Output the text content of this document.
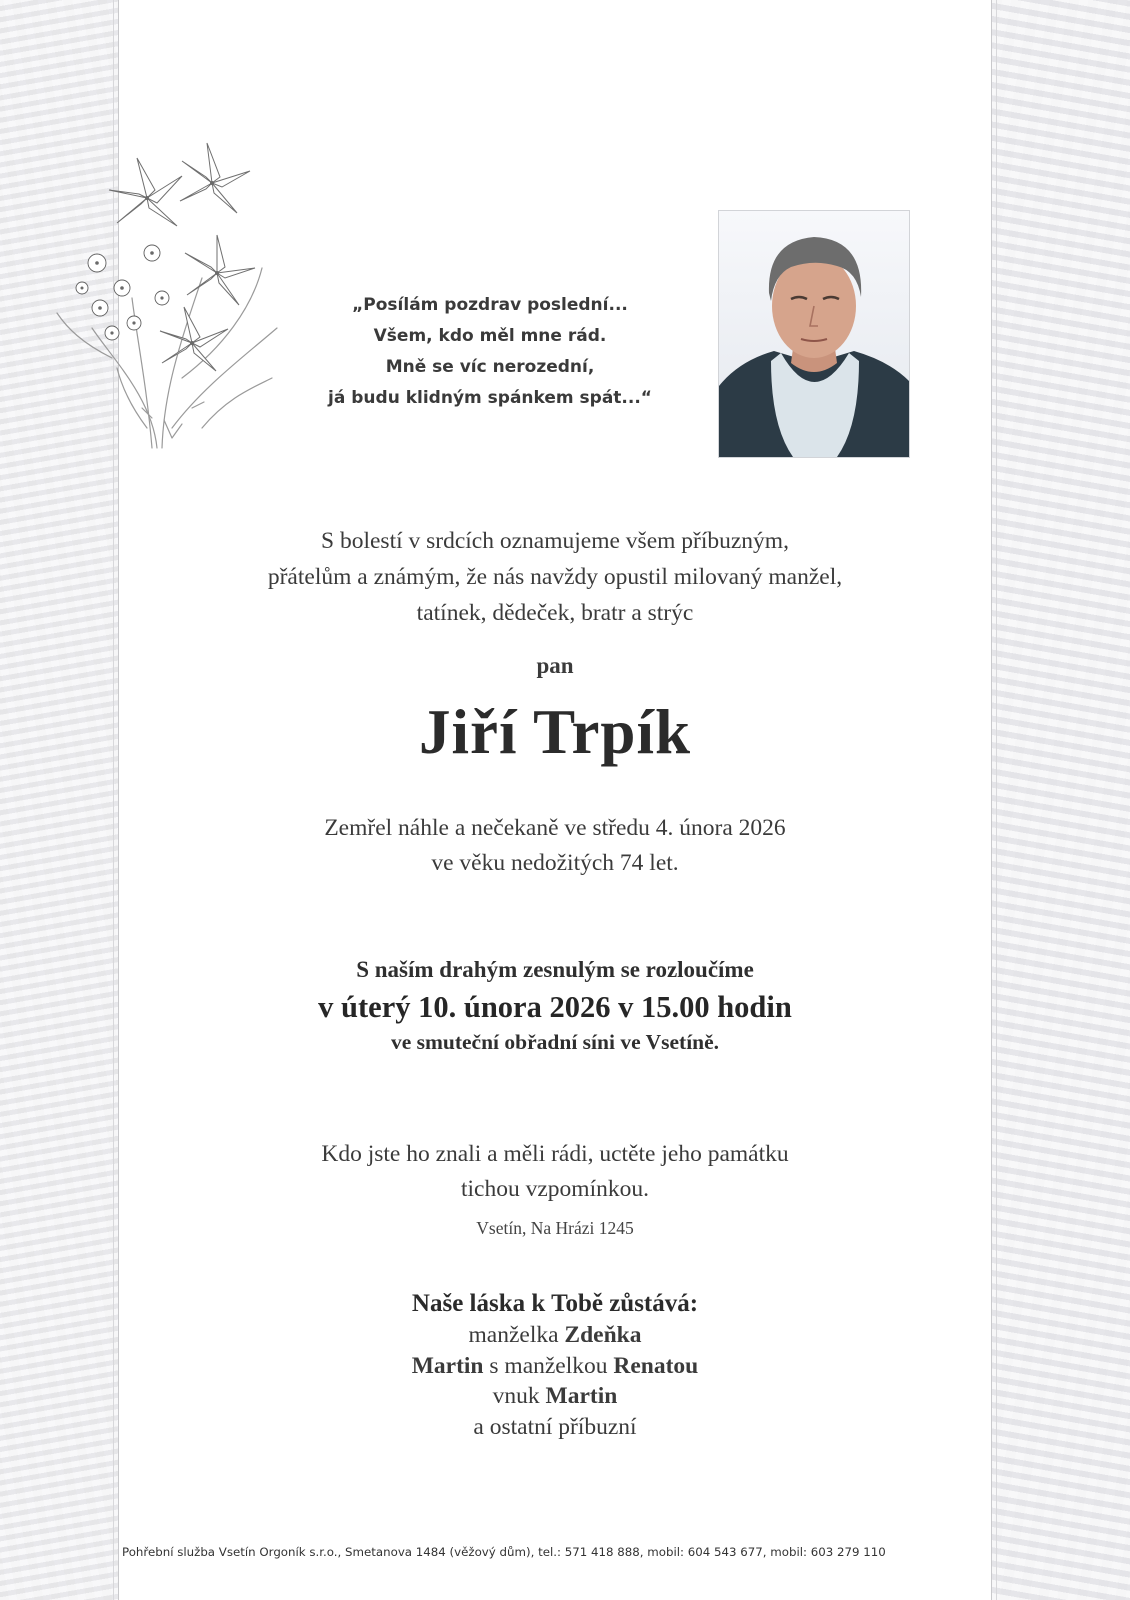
„Posílám pozdrav poslední...
Všem, kdo měl mne rád.
Mně se víc nerozední,
já budu klidným spánkem spát...“
S bolestí v srdcích oznamujeme všem příbuzným,
přátelům a známým, že nás navždy opustil milovaný manžel,
tatínek, dědeček, bratr a strýc
pan
Jiří Trpík
Zemřel náhle a nečekaně ve středu 4. února 2026
ve věku nedožitých 74 let.
S naším drahým zesnulým se rozloučíme
v úterý 10. února 2026 v 15.00 hodin
ve smuteční obřadní síni ve Vsetíně.
Kdo jste ho znali a měli rádi, uctěte jeho památku
tichou vzpomínkou.
Vsetín, Na Hrázi 1245
Naše láska k Tobě zůstává:
manželka Zdeňka
Martin s manželkou Renatou
vnuk Martin
a ostatní příbuzní
Pohřební služba Vsetín Orgoník s.r.o., Smetanova 1484 (věžový dům), tel.: 571 418 888, mobil: 604 543 677, mobil: 603 279 110
